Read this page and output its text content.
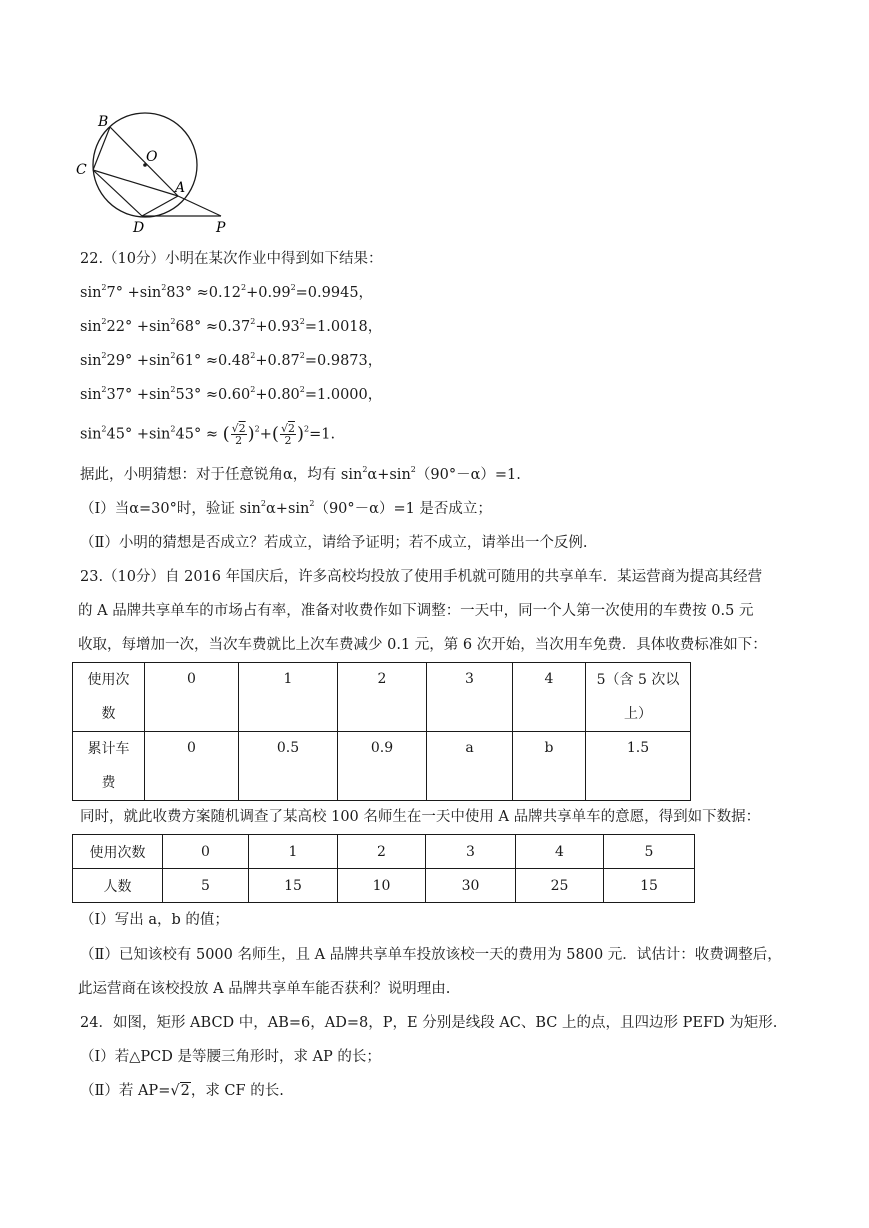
B
O
C
A
D	P
22.（10分）小明在某次作业中得到如下结果：
$\sin^27^\circ +\sin^283^\circ \approx 0.12^2+0.99^2=0.9945$，
$\sin^222^\circ +\sin^268^\circ \approx 0.37^2+0.93^2=1.0018$，
$\sin^229^\circ +\sin^261^\circ \approx 0.48^2+0.87^2=0.9873$，
$\sin^237^\circ +\sin^253^\circ \approx 0.60^2+0.80^2=1.0000$，
$\sin^245^\circ +\sin^245^\circ$ ≈ ( $\frac{√2}{2} )^2+( \frac{√2}{2} )^2=1$.
据此，小明猜想：对于任意锐角α，均有 $\sin^2\alpha+\sin^2(90^\circ-\alpha)=1$.
（Ⅰ）当α=30°时，验证 $\sin^2\alpha+\sin^2(90^\circ-\alpha)=1$ 是否成立；
（Ⅱ）小明的猜想是否成立？若成立，请给予证明；若不成立，请举出一个反例.
23.（10分）自 2016 年国庆后，许多高校均投放了使用手机就可随用的共享单车．某运营商为提高其经营
的 A 品牌共享单车的市场占有率，准备对收费作如下调整：一天中，同一个人第一次使用的车费按 0.5 元
收取，每增加一次，当次车费就比上次车费减少 0.1 元，第 6 次开始，当次用车免费．具体收费标准如下：
使用次
数	0	1	2	3	4	5（含 5 次以
上）
累计车
费	0	0.5	0.9	a	b	1.5
同时，就此收费方案随机调查了某高校 100 名师生在一天中使用 A 品牌共享单车的意愿，得到如下数据：
使用次数	0	1	2	3	4	5
人数	5	15	10	30	25	15
（Ⅰ）写出 a，b 的值；
（Ⅱ）已知该校有 5000 名师生，且 A 品牌共享单车投放该校一天的费用为 5800 元．试估计：收费调整后，
此运营商在该校投放 A 品牌共享单车能否获利？说明理由.
24．如图，矩形 ABCD 中，AB=6，AD=8，P，E 分别是线段 AC、BC 上的点，且四边形 PEFD 为矩形.
（Ⅰ）若△PCD 是等腰三角形时，求 AP 的长；
（Ⅱ）若 AP=√2，求 CF 的长.
